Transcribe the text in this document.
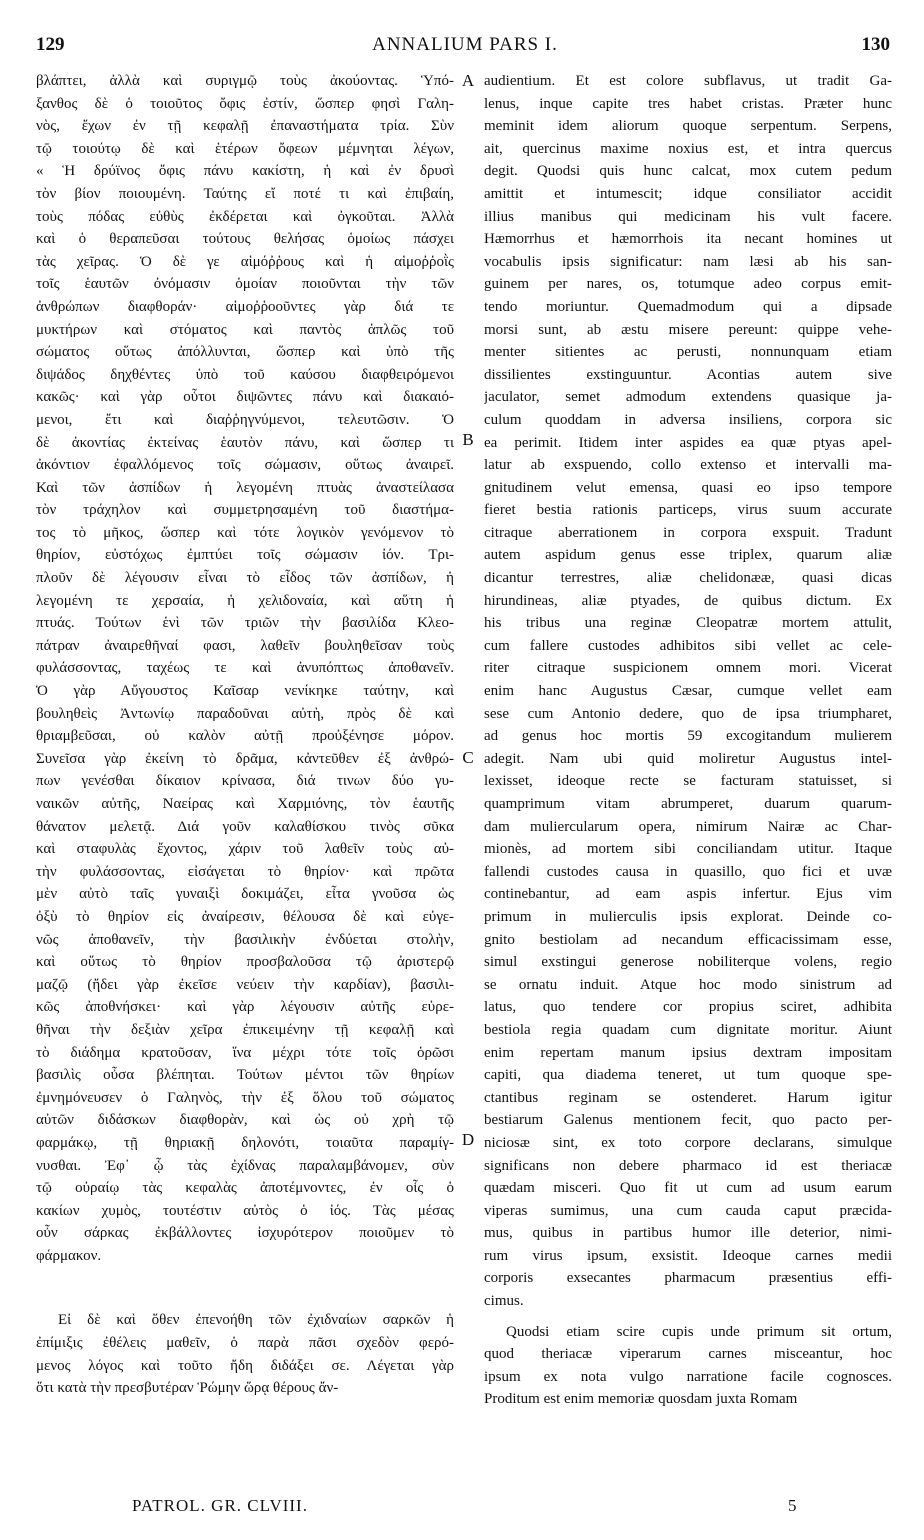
129	ANNALIUM PARS I.	130
βλάπτει, ἀλλὰ καὶ συριγμῷ τοὺς ἀκούοντας. Ὑπό-
ξανθος δὲ ὁ τοιοῦτος ὄφις ἐστίν, ὥσπερ φησὶ Γαλη-
νὸς, ἔχων ἐν τῇ κεφαλῇ ἐπαναστήματα τρία. Σὺν
τῷ τοιούτῳ δὲ καὶ ἑτέρων ὄφεων μέμνηται λέγων,
« Ἡ δρύϊνος ὄφις πάνυ κακίστη, ἡ καὶ ἐν δρυσὶ
τὸν βίον ποιουμένη. Ταύτης εἴ ποτέ τι καὶ ἐπιβαίη,
τοὺς πόδας εὐθὺς ἐκδέρεται καὶ ὀγκοῦται. Ἀλλὰ
καὶ ὁ θεραπεῦσαι τούτους θελήσας ὁμοίως πάσχει
τὰς χεῖρας. Ὁ δὲ γε αἱμόῤῥους καὶ ἡ αἱμοῤῥοῒς
τοῖς ἑαυτῶν ὀνόμασιν ὁμοίαν ποιοῦνται τὴν τῶν
ἀνθρώπων διαφθοράν· αἱμοῤῥοοῦντες γὰρ διά τε
μυκτήρων καὶ στόματος καὶ παντὸς ἁπλῶς τοῦ
σώματος οὕτως ἀπόλλυνται, ὥσπερ καὶ ὑπὸ τῆς
διψάδος δηχθέντες ὑπὸ τοῦ καύσου διαφθειρόμενοι
κακῶς· καὶ γὰρ οὗτοι διψῶντες πάνυ καὶ διακαιό-
μενοι, ἔτι καὶ διαῤῥηγνύμενοι, τελευτῶσιν. Ὁ
δὲ ἀκοντίας ἐκτείνας ἑαυτὸν πάνυ, καὶ ὥσπερ τι
ἀκόντιον ἐφαλλόμενος τοῖς σώμασιν, οὕτως ἀναιρεῖ.
Καὶ τῶν ἀσπίδων ἡ λεγομένη πτυὰς ἀναστείλασα
τὸν τράχηλον καὶ συμμετρησαμένη τοῦ διαστήμα-
τος τὸ μῆκος, ὥσπερ καὶ τότε λογικὸν γενόμενον τὸ
θηρίον, εὐστόχως ἐμπτύει τοῖς σώμασιν ἰόν. Τρι-
πλοῦν δὲ λέγουσιν εἶναι τὸ εἶδος τῶν ἀσπίδων, ἡ
λεγομένη τε χερσαία, ἡ χελιδοναία, καὶ αὕτη ἡ
πτυάς. Τούτων ἑνὶ τῶν τριῶν τὴν βασιλίδα Κλεο-
πάτραν ἀναιρεθῆναί φασι, λαθεῖν βουληθεῖσαν τοὺς
φυλάσσοντας, ταχέως τε καὶ ἀνυπόπτως ἀποθανεῖν.
Ὁ γὰρ Αὔγουστος Καῖσαρ νενίκηκε ταύτην, καὶ
βουληθεὶς Ἀντωνίῳ παραδοῦναι αὐτὴ, πρὸς δὲ καὶ
θριαμβεῦσαι, οὐ καλὸν αὐτῇ προὐξένησε μόρον.
Συνεῖσα γὰρ ἐκείνη τὸ δρᾶμα, κἀντεῦθεν ἐξ ἀνθρώ-
πων γενέσθαι δίκαιον κρίνασα, διά τινων δύο γυ-
ναικῶν αὐτῆς, Ναείρας καὶ Χαρμιόνης, τὸν ἑαυτῆς
θάνατον μελετᾷ. Διά γοῦν καλαθίσκου τινὸς σῦκα
καὶ σταφυλὰς ἔχοντος, χάριν τοῦ λαθεῖν τοὺς αὐ-
τὴν φυλάσσοντας, εἰσάγεται τὸ θηρίον· καὶ πρῶτα
μὲν αὐτὸ ταῖς γυναιξὶ δοκιμάζει, εἶτα γνοῦσα ὡς
ὀξὺ τὸ θηρίον εἰς ἀναίρεσιν, θέλουσα δὲ καὶ εὐγε-
νῶς ἀποθανεῖν, τὴν βασιλικὴν ἐνδύεται στολὴν,
καὶ οὕτως τὸ θηρίον προσβαλοῦσα τῷ ἀριστερῷ
μαζῷ (ἤδει γὰρ ἐκεῖσε νεύειν τὴν καρδίαν), βασιλι-
κῶς ἀποθνήσκει· καὶ γὰρ λέγουσιν αὐτῆς εὑρε-
θῆναι τὴν δεξιὰν χεῖρα ἐπικειμένην τῇ κεφαλῇ καὶ
τὸ διάδημα κρατοῦσαν, ἵνα μέχρι τότε τοῖς ὁρῶσι
βασιλὶς οὖσα βλέπηται. Τούτων μέντοι τῶν θηρίων
ἐμνημόνευσεν ὁ Γαληνὸς, τὴν ἐξ ὅλου τοῦ σώματος
αὐτῶν διδάσκων διαφθορὰν, καὶ ὡς οὐ χρὴ τῷ
φαρμάκῳ, τῇ θηριακῇ δηλονότι, τοιαῦτα παραμίγ-
νυσθαι. Ἐφ᾽ ᾧ τὰς ἐχίδνας παραλαμβάνομεν, σὺν
τῷ οὐραίῳ τὰς κεφαλὰς ἀποτέμνοντες, ἐν οἷς ὁ
κακίων χυμὸς, τουτέστιν αὐτὸς ὁ ἰός. Τὰς μέσας
οὖν σάρκας ἐκβάλλοντες ἰσχυρότερον ποιοῦμεν τὸ
φάρμακον.
Εἰ δὲ καὶ ὅθεν ἐπενοήθη τῶν ἐχιδναίων σαρκῶν ἡ
ἐπίμιξις ἐθέλεις μαθεῖν, ὁ παρὰ πᾶσι σχεδὸν φερό-
μενος λόγος καὶ τοῦτο ἤδη διδάξει σε. Λέγεται γὰρ
ὅτι κατὰ τὴν πρεσβυτέραν Ῥώμην ὥρᾳ θέρους ἄν-
audientium. Et est colore subflavus, ut tradit Ga-
lenus, inque capite tres habet cristas. Præter hunc
meminit idem aliorum quoque serpentum. Serpens,
ait, quercinus maxime noxius est, et intra quercus
degit. Quodsi quis hunc calcat, mox cutem pedum
amittit et intumescit; idque consiliator accidit
illius manibus qui medicinam his vult facere.
Hæmorrhus et hæmorrhois ita necant homines ut
vocabulis ipsis significatur: nam læsi ab his san-
guinem per nares, os, totumque adeo corpus emit-
tendo moriuntur. Quemadmodum qui a dipsade
morsi sunt, ab æstu misere pereunt: quippe vehe-
menter sitientes ac perusti, nonnunquam etiam
dissilientes exstinguuntur. Acontias autem sive
jaculator, semet admodum extendens quasique ja-
culum quoddam in adversa insiliens, corpora sic
ea perimit. Itidem inter aspides ea quæ ptyas apel-
latur ab exspuendo, collo extenso et intervalli ma-
gnitudinem velut emensa, quasi eo ipso tempore
fieret bestia rationis particeps, virus suum accurate
citraque aberrationem in corpora exspuit. Tradunt
autem aspidum genus esse triplex, quarum aliæ
dicantur terrestres, aliæ chelidonææ, quasi dicas
hirundineas, aliæ ptyades, de quibus dictum. Ex
his tribus una reginæ Cleopatræ mortem attulit,
cum fallere custodes adhibitos sibi vellet ac cele-
riter citraque suspicionem omnem mori. Vicerat
enim hanc Augustus Cæsar, cumque vellet eam
sese cum Antonio dedere, quo de ipsa triumpharet,
ad genus hoc mortis 59 excogitandum mulierem
adegit. Nam ubi quid moliretur Augustus intel-
lexisset, ideoque recte se facturam statuisset, si
quamprimum vitam abrumperet, duarum quarum-
dam muliercularum opera, nimirum Nairæ ac Char-
mionès, ad mortem sibi conciliandam utitur. Itaque
fallendi custodes causa in quasillo, quo fici et uvæ
continebantur, ad eam aspis infertur. Ejus vim
primum in mulierculis ipsis explorat. Deinde co-
gnito bestiolam ad necandum efficacissimam esse,
simul exstingui generose nobiliterque volens, regio
se ornatu induit. Atque hoc modo sinistrum ad
latus, quo tendere cor propius sciret, adhibita
bestiola regia quadam cum dignitate moritur. Aiunt
enim repertam manum ipsius dextram impositam
capiti, qua diadema teneret, ut tum quoque spe-
ctantibus reginam se ostenderet. Harum igitur
bestiarum Galenus mentionem fecit, quo pacto per-
niciosæ sint, ex toto corpore declarans, simulque
significans non debere pharmaco id est theriacæ
quædam misceri. Quo fit ut cum ad usum earum
viperas sumimus, una cum cauda caput præcida-
mus, quibus in partibus humor ille deterior, nimi-
rum virus ipsum, exsistit. Ideoque carnes medii
corporis exsecantes pharmacum præsentius effi-
cimus.
Quodsi etiam scire cupis unde primum sit ortum,
quod theriacæ viperarum carnes misceantur, hoc
ipsum ex nota vulgo narratione facile cognosces.
Proditum est enim memoriæ quosdam juxta Romam
A
B
C
D
PATROL. GR. CLVIII.	5
